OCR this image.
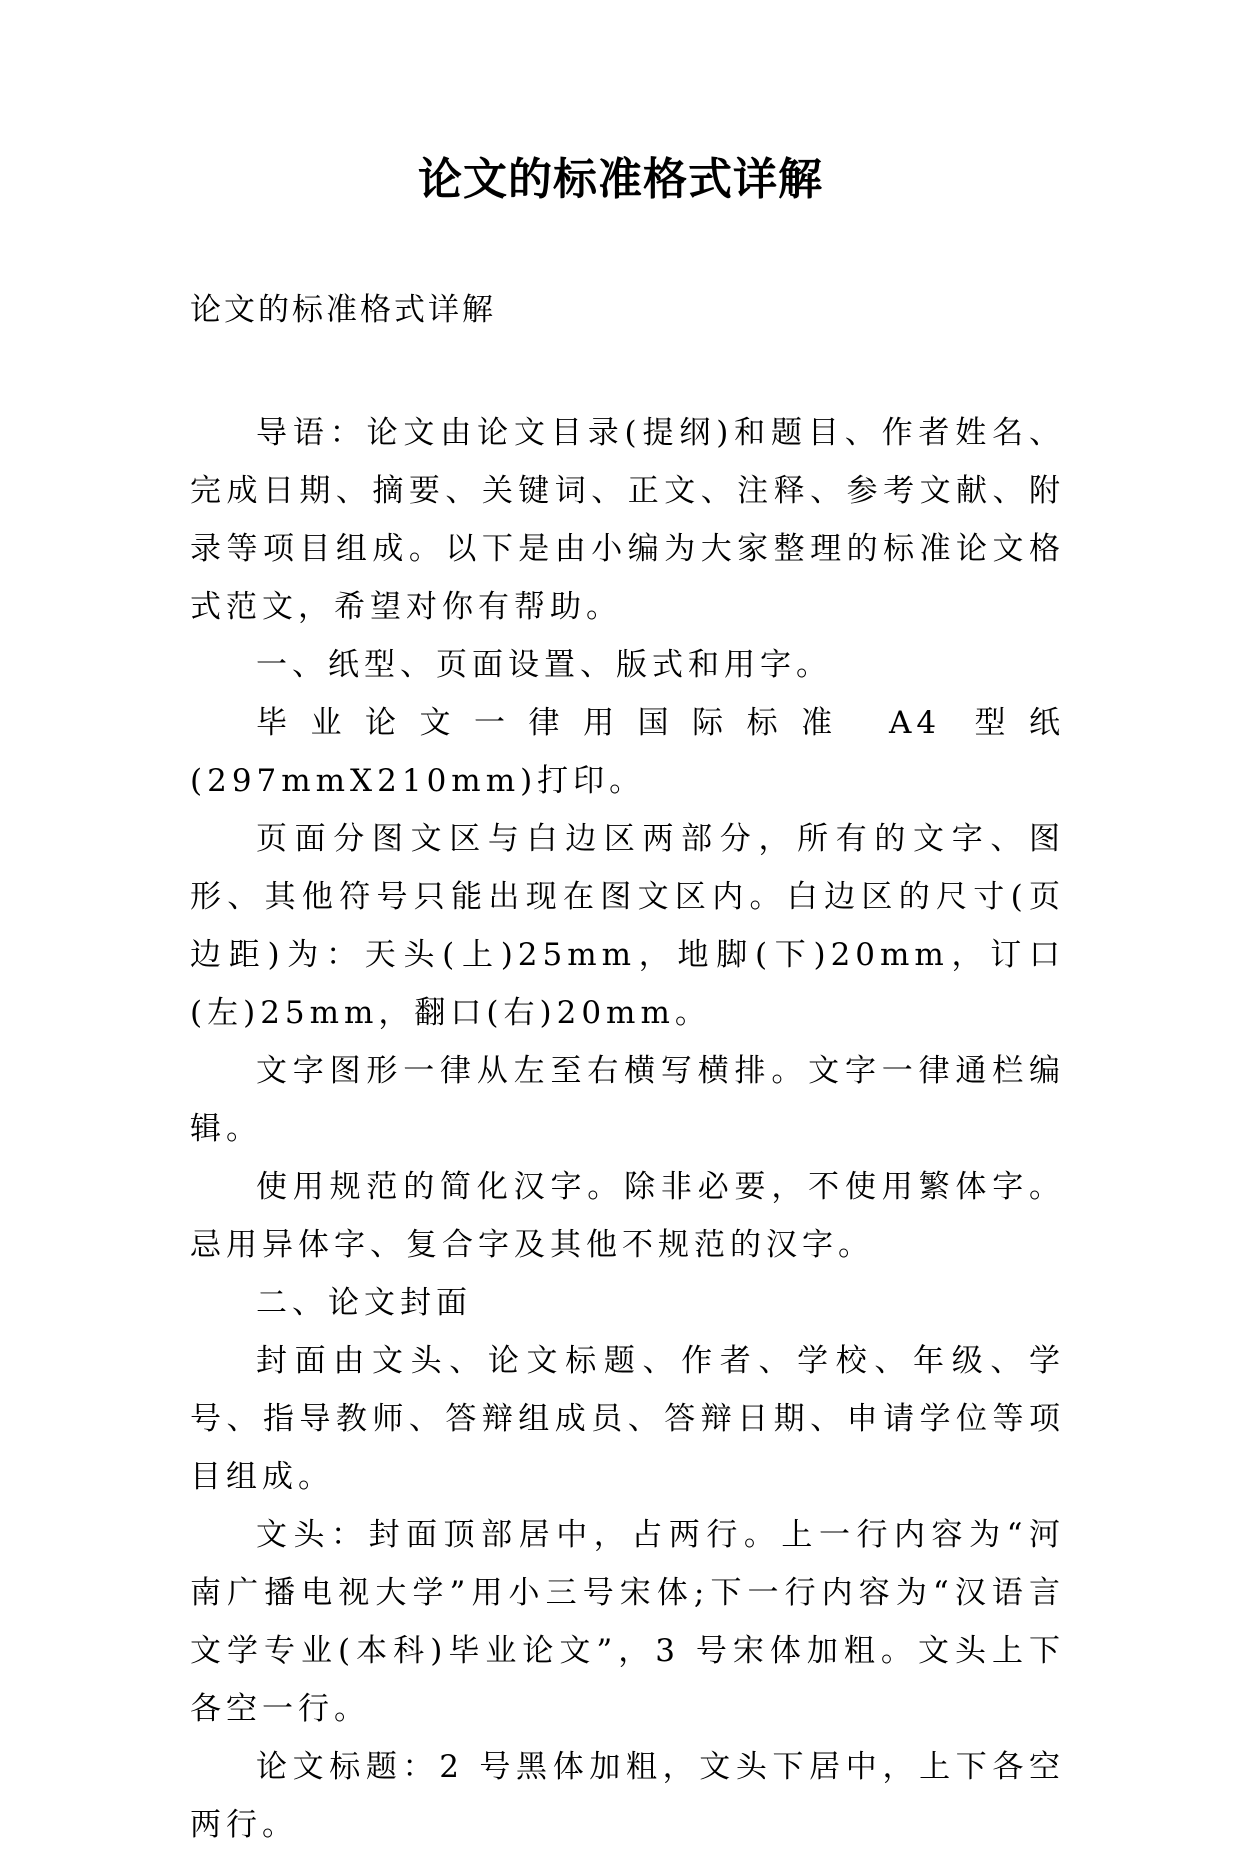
论文的标准格式详解
论文的标准格式详解

导语：论文由论文目录(提纲)和题目、作者姓名、完成日期、摘要、关键词、正文、注释、参考文献、附录等项目组成。以下是由小编为大家整理的标准论文格式范文，希望对你有帮助。

一、纸型、页面设置、版式和用字。

毕业论文一律用国际标准 A4 型纸(297mmX210mm)打印。

页面分图文区与白边区两部分，所有的文字、图形、其他符号只能出现在图文区内。白边区的尺寸(页边距)为：天头(上)25mm，地脚(下)20mm，订口(左)25mm，翻口(右)20mm。

文字图形一律从左至右横写横排。文字一律通栏编辑。

使用规范的简化汉字。除非必要，不使用繁体字。忌用异体字、复合字及其他不规范的汉字。

二、论文封面

封面由文头、论文标题、作者、学校、年级、学号、指导教师、答辩组成员、答辩日期、申请学位等项目组成。

文头：封面顶部居中，占两行。上一行内容为“河南广播电视大学”用小三号宋体;下一行内容为“汉语言文学专业(本科)毕业论文”，3 号宋体加粗。文头上下各空一行。

论文标题：2 号黑体加粗，文头下居中，上下各空两行。
